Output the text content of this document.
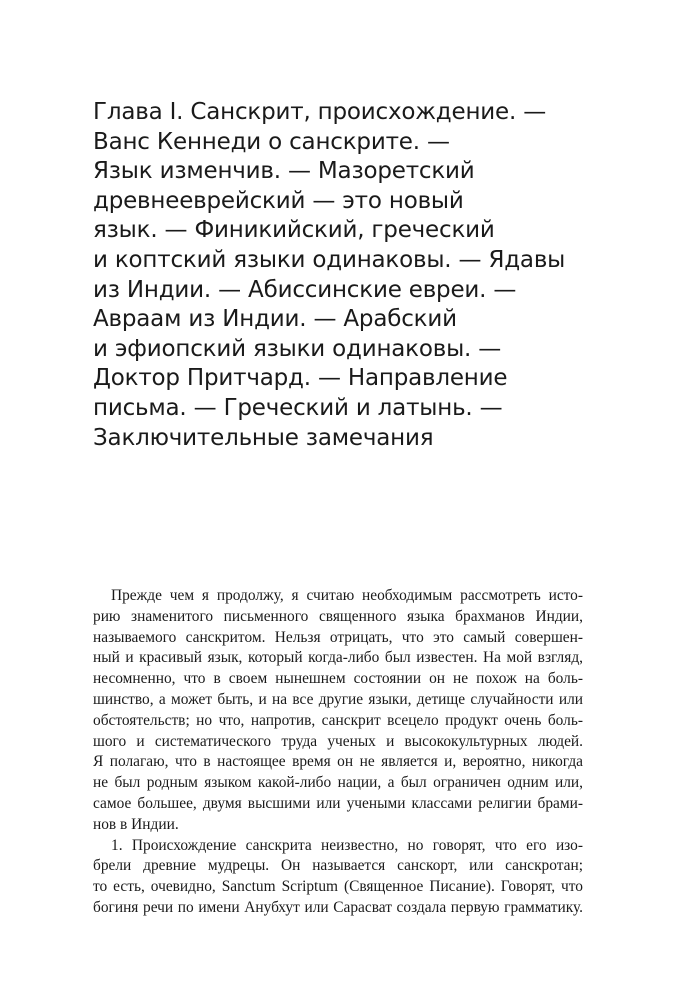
Глава I. Санскрит, происхождение. —
Ванс Кеннеди о санскрите. —
Язык изменчив. — Мазоретский
древнееврейский — это новый
язык. — Финикийский, греческий
и коптский языки одинаковы. — Ядавы
из Индии. — Абиссинские евреи. —
Авраам из Индии. — Арабский
и эфиопский языки одинаковы. —
Доктор Притчард. — Направление
письма. — Греческий и латынь. —
Заключительные замечания

Прежде чем я продолжу, я считаю необходимым рассмотреть исто-
рию знаменитого письменного священного языка брахманов Индии,
называемого санскритом. Нельзя отрицать, что это самый совершен-
ный и красивый язык, который когда-либо был известен. На мой взгляд,
несомненно, что в своем нынешнем состоянии он не похож на боль-
шинство, а может быть, и на все другие языки, детище случайности или
обстоятельств; но что, напротив, санскрит всецело продукт очень боль-
шого и систематического труда ученых и высококультурных людей.
Я полагаю, что в настоящее время он не является и, вероятно, никогда
не был родным языком какой-либо нации, а был ограничен одним или,
самое большее, двумя высшими или учеными классами религии брами-
нов в Индии.

1. Происхождение санскрита неизвестно, но говорят, что его изо-
брели древние мудрецы. Он называется санскорт, или санскротан;
то есть, очевидно, Sanctum Scriptum (Священное Писание). Говорят, что
богиня речи по имени Анубхут или Сарасват создала первую грамматику.
